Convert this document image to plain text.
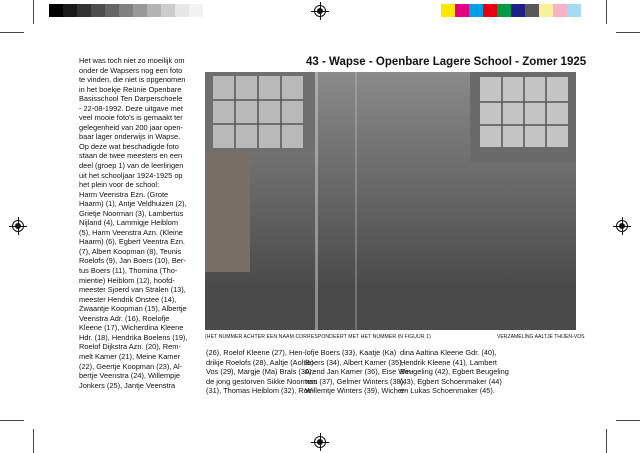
Het was toch niet zo moeilijk om
onder de Wapsers nog een foto
te vinden, die niet is opgenomen
in het boekje Reünie Openbare
Basisschool Ten Darperschoele
- 22-08-1992. Deze uitgave met
veel mooie foto's is gemaakt ter
gelegenheid van 200 jaar open-
baar lager onderwijs in Wapse.
Op deze wat beschadigde foto
staan de twee meesters en een
deel (groep 1) van de leerlingen
uit het schooljaar 1924-1925 op
het plein voor de school:
Harm Veenstra Ezn. (Grote
Haarm) (1), Antje Veldhuizen (2),
Grietje Noorman (3), Lambertus
Nijland (4), Lammigje Heiblom
(5), Harm Veenstra Azn. (Kleine
Haarm) (6), Egbert Veentra Ezn.
(7), Albert Koopman (8), Teunis
Roelofs (9), Jan Boers (10), Ber-
tus Boers (11), Thomina (Tho-
mientie) Heiblom (12), hoofd-
meester Sjoerd van Stralen (13),
meester Hendrik Onstee (14),
Zwaantje Koopman (15), Albertje
Veenstra Adr. (16), Roelofje
Kleene (17), Wicherdina Kleene
Hdr. (18), Hendrika Boelens (19),
Roelof Dijkstra Azn. (20), Rem-
melt Kamer (21), Meine Kamer
(22), Geertje Koopman (23), Al-
bertje Veenstra (24), Willempje
Jonkers (25), Jantje Veenstra
43 - Wapse - Openbare Lagere School - Zomer 1925
(HET NUMMER ACHTER EEN NAAM CORRESPONDEERT MET HET NUMMER IN FIGUUR 1)	VERZAMELING AALTJE THIJEN-VOS
(26), Roelof Kleene (27), Hen-
drikje Roelofs (28), Aaltje (Aoltie)
Vos (29), Margje (Ma) Brals (30),
de jong gestorven Sikke Noorman
(31), Thomas Heiblom (32), Roe-
lofje Boers (33), Kaatje (Ka)
Boers (34), Albert Kamer (35),
Arend Jan Kamer (36), Eise Win-
ters (37), Gelmer Winters (38),
Willemtje Winters (39), Wicher-
dina Aaltina Kleene Gdr. (40),
Hendrik Kleene (41), Lambert
Beugeling (42), Egbert Beugeling
(43), Egbert Schoenmaker (44)
en Lukas Schoenmaker (45).
